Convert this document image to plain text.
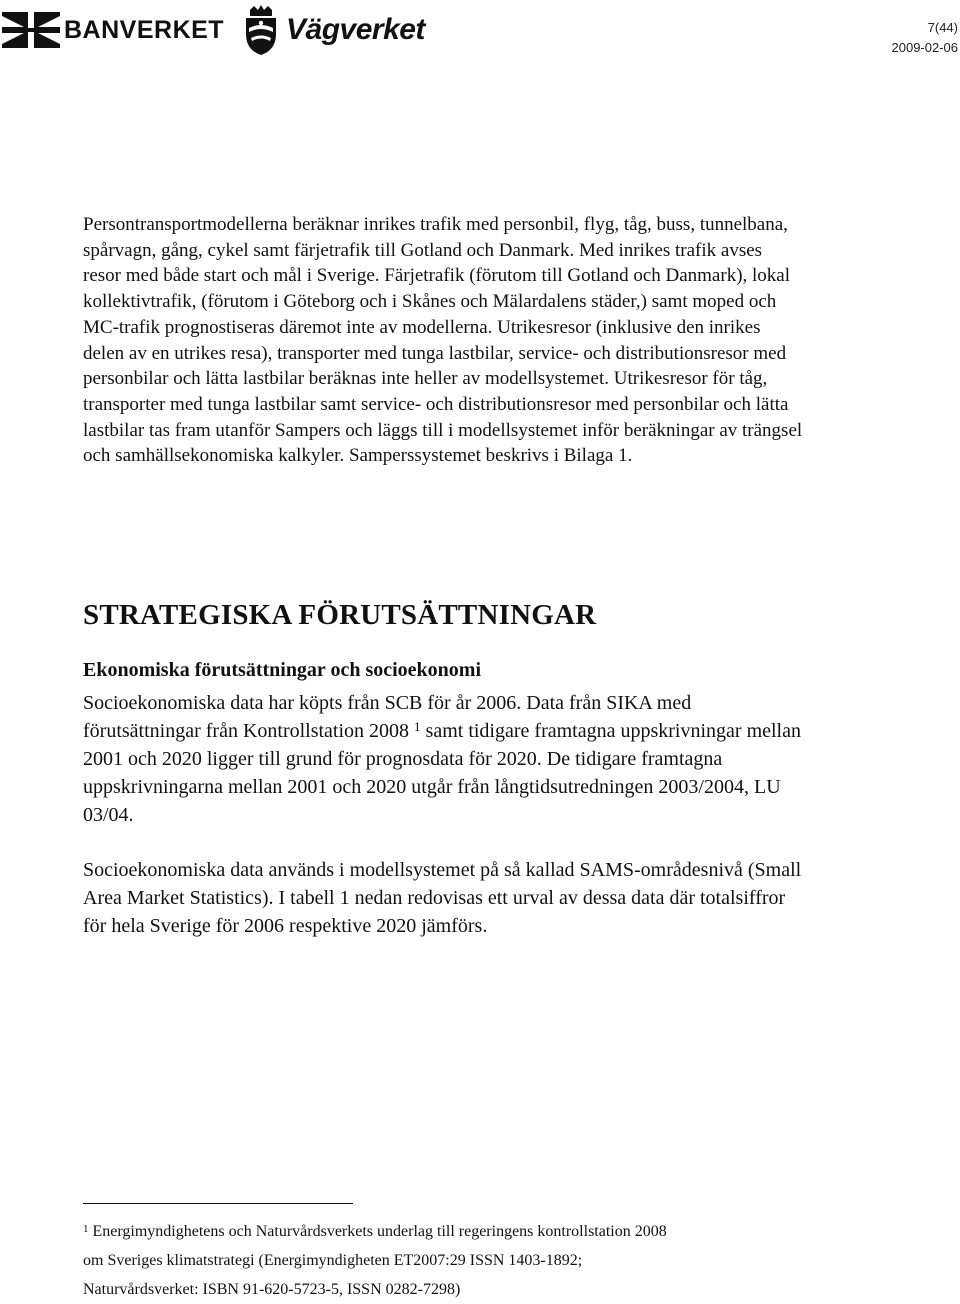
BANVERKET Vägverket	7(44)
2009-02-06

Persontransportmodellerna beräknar inrikes trafik med personbil, flyg, tåg, buss, tunnelbana, spårvagn, gång, cykel samt färjetrafik till Gotland och Danmark. Med inrikes trafik avses resor med både start och mål i Sverige. Färjetrafik (förutom till Gotland och Danmark), lokal kollektivtrafik, (förutom i Göteborg och i Skånes och Mälardalens städer,) samt moped och MC-trafik prognostiseras däremot inte av modellerna. Utrikesresor (inklusive den inrikes delen av en utrikes resa), transporter med tunga lastbilar, service- och distributionsresor med personbilar och lätta lastbilar beräknas inte heller av modellsystemet. Utrikesresor för tåg, transporter med tunga lastbilar samt service- och distributionsresor med personbilar och lätta lastbilar tas fram utanför Sampers och läggs till i modellsystemet inför beräkningar av trängsel och samhällsekonomiska kalkyler. Samperssystemet beskrivs i Bilaga 1.

STRATEGISKA FÖRUTSÄTTNINGAR
Ekonomiska förutsättningar och socioekonomi

Socioekonomiska data har köpts från SCB för år 2006. Data från SIKA med förutsättningar från Kontrollstation 2008 $^1$ samt tidigare framtagna uppskrivningar mellan 2001 och 2020 ligger till grund för prognosdata för 2020. De tidigare framtagna uppskrivningarna mellan 2001 och 2020 utgår från långtidsutredningen 2003/2004, LU 03/04.

Socioekonomiska data används i modellsystemet på så kallad SAMS-områdesnivå (Small Area Market Statistics). I tabell 1 nedan redovisas ett urval av dessa data där totalsiffror för hela Sverige för 2006 respektive 2020 jämförs.

$^1$ Energimyndighetens och Naturvårdsverkets underlag till regeringens kontrollstation 2008
om Sveriges klimatstrategi (Energimyndigheten ET2007:29 ISSN 1403-1892;
Naturvårdsverket: ISBN 91-620-5723-5, ISSN 0282-7298)
